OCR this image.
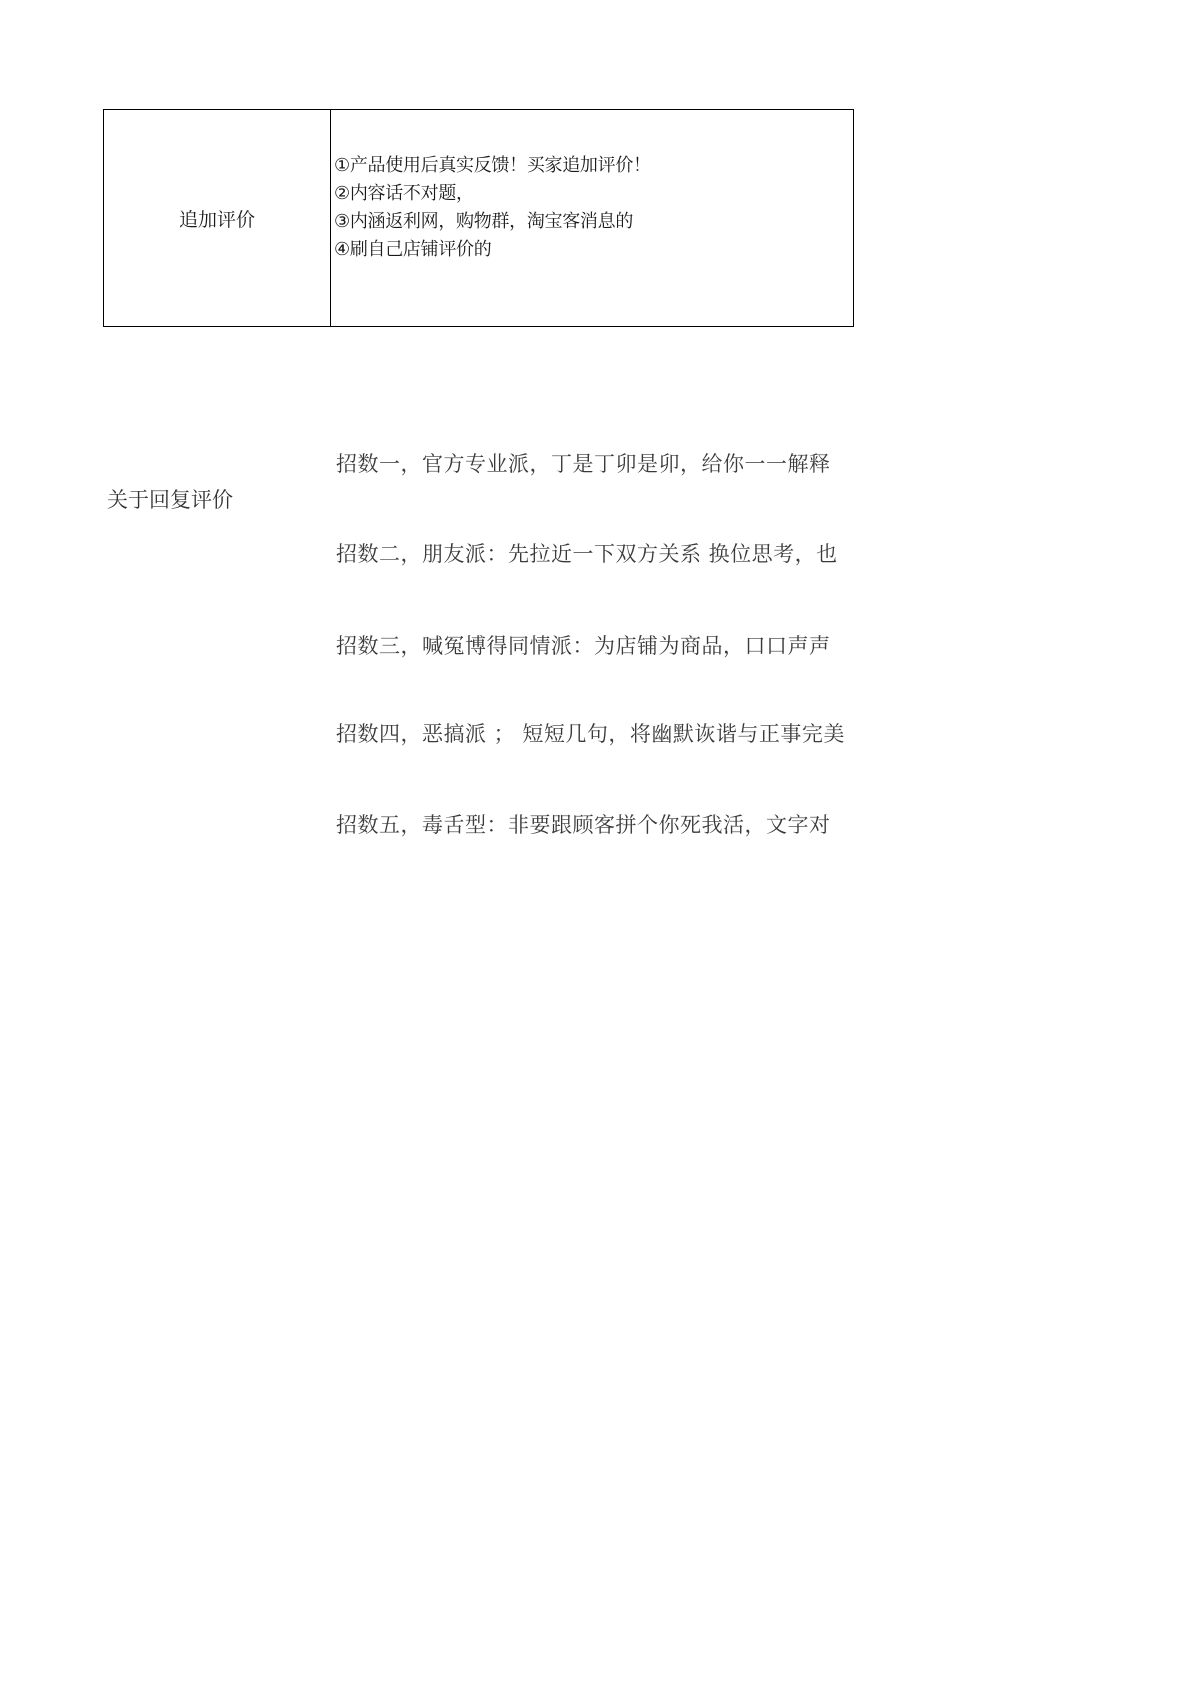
追加评价
①产品使用后真实反馈！买家追加评价！
②内容话不对题，
③内涵返利网，购物群，淘宝客消息的
④刷自己店铺评价的
关于回复评价
招数一，官方专业派，丁是丁卯是卯，给你一一解释
招数二，朋友派：先拉近一下双方关系 换位思考，也
招数三，喊冤博得同情派：为店铺为商品，口口声声
招数四，恶搞派 ； 短短几句，将幽默诙谐与正事完美
招数五，毒舌型：非要跟顾客拼个你死我活，文字对
